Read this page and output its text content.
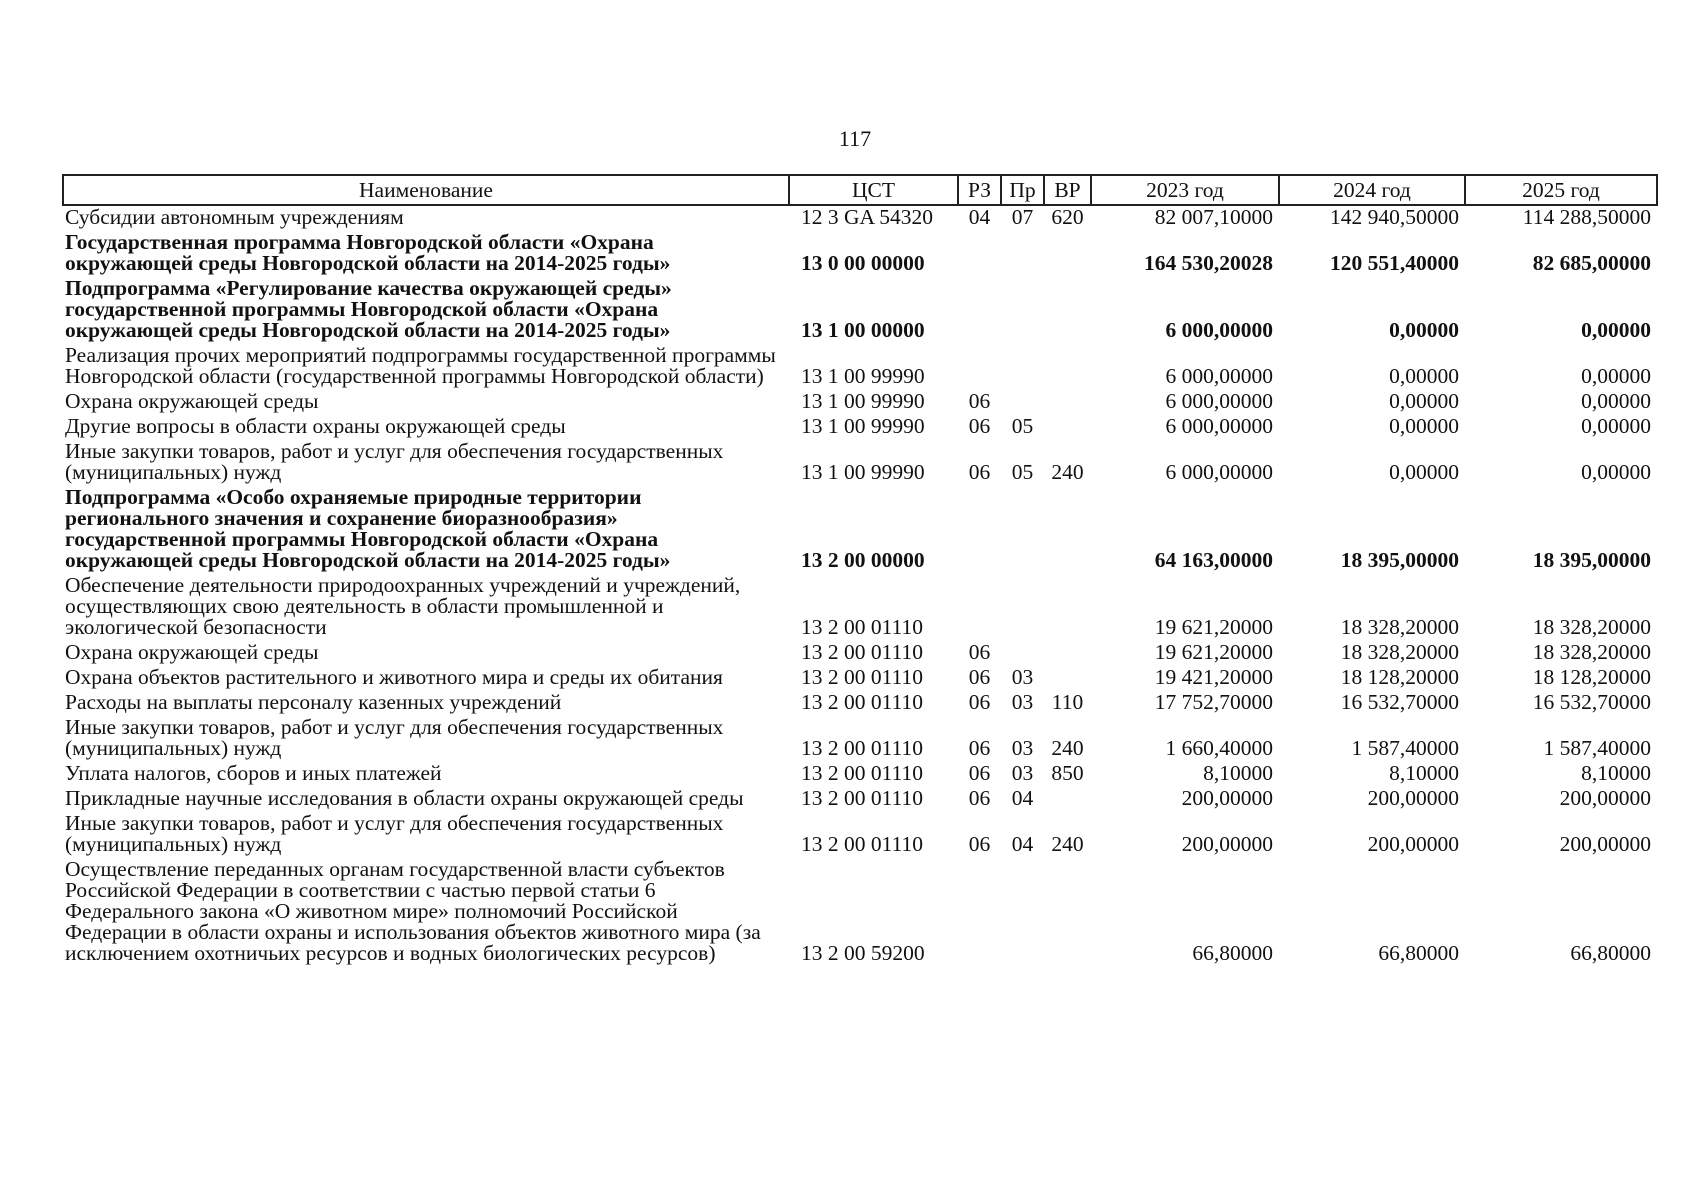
117
Наименование	ЦСТ	РЗ	Пр	ВР	2023 год	2024 год	2025 год
Субсидии автономным учреждениям	12 3 GA 54320	04	07	620	82 007,10000	142 940,50000	114 288,50000
Государственная программа Новгородской области «Охрана окружающей среды Новгородской области на 2014-2025 годы»	13 0 00 00000				164 530,20028	120 551,40000	82 685,00000
Подпрограмма «Регулирование качества окружающей среды» государственной программы Новгородской области «Охрана окружающей среды Новгородской области на 2014-2025 годы»	13 1 00 00000				6 000,00000	0,00000	0,00000
Реализация прочих мероприятий подпрограммы государственной программы Новгородской области (государственной программы Новгородской области)	13 1 00 99990				6 000,00000	0,00000	0,00000
Охрана окружающей среды	13 1 00 99990	06			6 000,00000	0,00000	0,00000
Другие вопросы в области охраны окружающей среды	13 1 00 99990	06	05		6 000,00000	0,00000	0,00000
Иные закупки товаров, работ и услуг для обеспечения государственных (муниципальных) нужд	13 1 00 99990	06	05	240	6 000,00000	0,00000	0,00000
Подпрограмма «Особо охраняемые природные территории регионального значения и сохранение биоразнообразия» государственной программы Новгородской области «Охрана окружающей среды Новгородской области на 2014-2025 годы»	13 2 00 00000				64 163,00000	18 395,00000	18 395,00000
Обеспечение деятельности природоохранных учреждений и учреждений, осуществляющих свою деятельность в области промышленной и экологической безопасности	13 2 00 01110				19 621,20000	18 328,20000	18 328,20000
Охрана окружающей среды	13 2 00 01110	06			19 621,20000	18 328,20000	18 328,20000
Охрана объектов растительного и животного мира и среды их обитания	13 2 00 01110	06	03		19 421,20000	18 128,20000	18 128,20000
Расходы на выплаты персоналу казенных учреждений	13 2 00 01110	06	03	110	17 752,70000	16 532,70000	16 532,70000
Иные закупки товаров, работ и услуг для обеспечения государственных (муниципальных) нужд	13 2 00 01110	06	03	240	1 660,40000	1 587,40000	1 587,40000
Уплата налогов, сборов и иных платежей	13 2 00 01110	06	03	850	8,10000	8,10000	8,10000
Прикладные научные исследования в области охраны окружающей среды	13 2 00 01110	06	04		200,00000	200,00000	200,00000
Иные закупки товаров, работ и услуг для обеспечения государственных (муниципальных) нужд	13 2 00 01110	06	04	240	200,00000	200,00000	200,00000
Осуществление переданных органам государственной власти субъектов Российской Федерации в соответствии с частью первой статьи 6 Федерального закона «О животном мире» полномочий Российской Федерации в области охраны и использования объектов животного мира (за исключением охотничьих ресурсов и водных биологических ресурсов)	13 2 00 59200				66,80000	66,80000	66,80000
